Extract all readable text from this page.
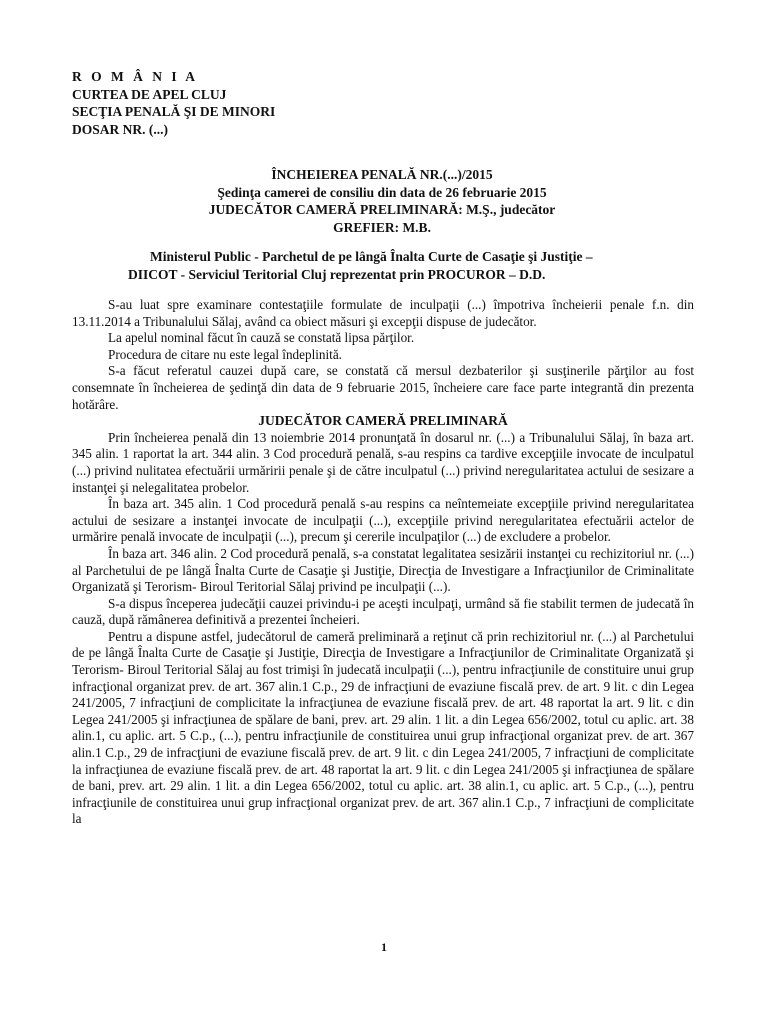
R O M Â N I A
CURTEA DE APEL CLUJ
SECŢIA PENALĂ ŞI DE MINORI
DOSAR NR. (...)
ÎNCHEIEREA PENALĂ NR.(...)/2015
Şedinţa camerei de consiliu din data de 26 februarie 2015
JUDECĂTOR CAMERĂ PRELIMINARĂ: M.Ş., judecător
GREFIER: M.B.
Ministerul Public - Parchetul de pe lângă Înalta Curte de Casaţie şi Justiţie –
DIICOT - Serviciul Teritorial Cluj reprezentat prin PROCUROR – D.D.

S-au luat spre examinare contestaţiile formulate de inculpaţii (...) împotriva încheierii penale f.n. din 13.11.2014 a Tribunalului Sălaj, având ca obiect măsuri şi excepţii dispuse de judecător.

La apelul nominal făcut în cauză se constată lipsa părţilor.

Procedura de citare nu este legal îndeplinită.

S-a făcut referatul cauzei după care, se constată că mersul dezbaterilor şi susţinerile părţilor au fost consemnate în încheierea de şedinţă din data de 9 februarie 2015, încheiere care face parte integrantă din prezenta hotărâre.

JUDECĂTOR CAMERĂ PRELIMINARĂ

Prin încheierea penală din 13 noiembrie 2014 pronunţată în dosarul nr. (...) a Tribunalului Sălaj, în baza art. 345 alin. 1 raportat la art. 344 alin. 3 Cod procedură penală, s-au respins ca tardive excepţiile invocate de inculpatul (...) privind nulitatea efectuării urmăririi penale şi de către inculpatul (...) privind neregularitatea actului de sesizare a instanţei şi nelegalitatea probelor.

În baza art. 345 alin. 1 Cod procedură penală s-au respins ca neîntemeiate excepţiile privind neregularitatea actului de sesizare a instanţei invocate de inculpaţii (...), excepţiile privind neregularitatea efectuării actelor de urmărire penală invocate de inculpaţii (...), precum şi cererile inculpaţilor (...) de excludere a probelor.

În baza art. 346 alin. 2 Cod procedură penală, s-a constatat legalitatea sesizării instanţei cu rechizitoriul nr. (...) al Parchetului de pe lângă Înalta Curte de Casaţie şi Justiţie, Direcţia de Investigare a Infracţiunilor de Criminalitate Organizată şi Terorism- Biroul Teritorial Sălaj privind pe inculpaţii (...).

S-a dispus începerea judecăţii cauzei privindu-i pe aceşti inculpaţi, urmând să fie stabilit termen de judecată în cauză, după rămânerea definitivă a prezentei încheieri.

Pentru a dispune astfel, judecătorul de cameră preliminară a reţinut că prin rechizitoriul nr. (...) al Parchetului de pe lângă Înalta Curte de Casaţie şi Justiţie, Direcţia de Investigare a Infracţiunilor de Criminalitate Organizată şi Terorism- Biroul Teritorial Sălaj au fost trimişi în judecată inculpaţii (...), pentru infracţiunile de constituire unui grup infracţional organizat prev. de art. 367 alin.1 C.p., 29 de infracţiuni de evaziune fiscală prev. de art. 9 lit. c din Legea 241/2005, 7 infracţiuni de complicitate la infracţiunea de evaziune fiscală prev. de art. 48 raportat la art. 9 lit. c din Legea 241/2005 şi infracţiunea de spălare de bani, prev. art. 29 alin. 1 lit. a din Legea 656/2002, totul cu aplic. art. 38 alin.1, cu aplic. art. 5 C.p., (...), pentru infracţiunile de constituirea unui grup infracţional organizat prev. de art. 367 alin.1 C.p., 29 de infracţiuni de evaziune fiscală prev. de art. 9 lit. c din Legea 241/2005, 7 infracţiuni de complicitate la infracţiunea de evaziune fiscală prev. de art. 48 raportat la art. 9 lit. c din Legea 241/2005 şi infracţiunea de spălare de bani, prev. art. 29 alin. 1 lit. a din Legea 656/2002, totul cu aplic. art. 38 alin.1, cu aplic. art. 5 C.p., (...), pentru infracţiunile de constituirea unui grup infracţional organizat prev. de art. 367 alin.1 C.p., 7 infracţiuni de complicitate la

1
